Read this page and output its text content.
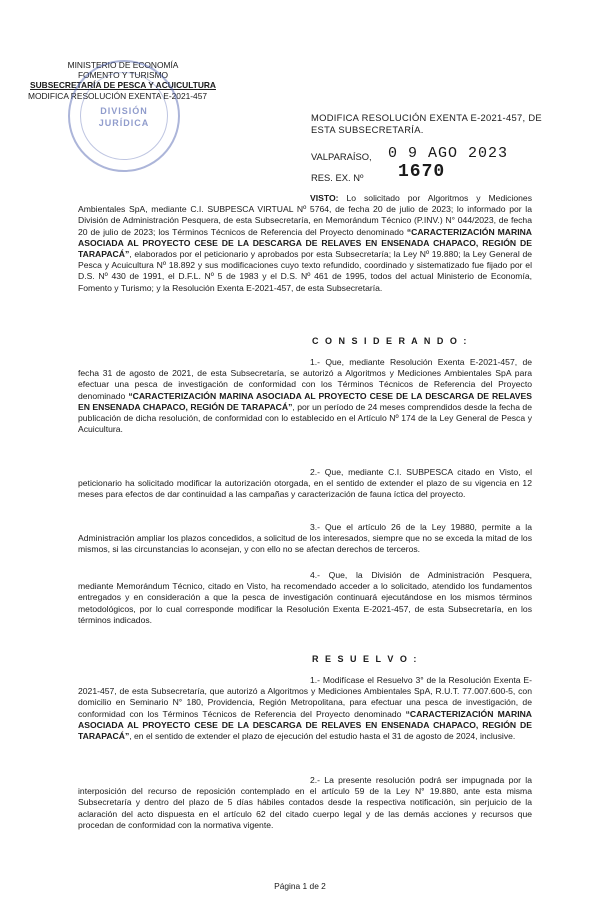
MINISTERIO DE ECONOMÍA
FOMENTO Y TURISMO
SUBSECRETARÍA DE PESCA Y ACUICULTURA
MODIFICA RESOLUCIÓN EXENTA E-2021-457
DIVISIÓN
JURÍDICA	MODIFICA RESOLUCIÓN EXENTA E-2021-457, DE
ESTA SUBSECRETARÍA.
VALPARAÍSO, 0 9 AGO 2023
RES. EX. Nº 1670
VISTO: Lo solicitado por Algoritmos y Mediciones Ambientales SpA, mediante C.I. SUBPESCA VIRTUAL Nº 5764, de fecha 20 de julio de 2023; lo informado por la División de Administración Pesquera, de esta Subsecretaría, en Memorándum Técnico (P.INV.) N° 044/2023, de fecha 20 de julio de 2023; los Términos Técnicos de Referencia del Proyecto denominado “CARACTERIZACIÓN MARINA ASOCIADA AL PROYECTO CESE DE LA DESCARGA DE RELAVES EN ENSENADA CHAPACO, REGIÓN DE TARAPACÁ”, elaborados por el peticionario y aprobados por esta Subsecretaría; la Ley Nº 19.880; la Ley General de Pesca y Acuicultura Nº 18.892 y sus modificaciones cuyo texto refundido, coordinado y sistematizado fue fijado por el D.S. Nº 430 de 1991, el D.F.L. Nº 5 de 1983 y el D.S. Nº 461 de 1995, todos del actual Ministerio de Economía, Fomento y Turismo; y la Resolución Exenta E-2021-457, de esta Subsecretaría.
C O N S I D E R A N D O :
1.- Que, mediante Resolución Exenta E-2021-457, de fecha 31 de agosto de 2021, de esta Subsecretaría, se autorizó a Algoritmos y Mediciones Ambientales SpA para efectuar una pesca de investigación de conformidad con los Términos Técnicos de Referencia del Proyecto denominado “CARACTERIZACIÓN MARINA ASOCIADA AL PROYECTO CESE DE LA DESCARGA DE RELAVES EN ENSENADA CHAPACO, REGIÓN DE TARAPACÁ”, por un período de 24 meses comprendidos desde la fecha de publicación de dicha resolución, de conformidad con lo establecido en el Artículo Nº 174 de la Ley General de Pesca y Acuicultura.
2.- Que, mediante C.I. SUBPESCA citado en Visto, el peticionario ha solicitado modificar la autorización otorgada, en el sentido de extender el plazo de su vigencia en 12 meses para efectos de dar continuidad a las campañas y caracterización de fauna íctica del proyecto.
3.- Que el artículo 26 de la Ley 19880, permite a la Administración ampliar los plazos concedidos, a solicitud de los interesados, siempre que no se exceda la mitad de los mismos, si las circunstancias lo aconsejan, y con ello no se afectan derechos de terceros.
4.- Que, la División de Administración Pesquera, mediante Memorándum Técnico, citado en Visto, ha recomendado acceder a lo solicitado, atendido los fundamentos entregados y en consideración a que la pesca de investigación continuará ejecutándose en los mismos términos metodológicos, por lo cual corresponde modificar la Resolución Exenta E-2021-457, de esta Subsecretaría, en los términos indicados.
R E S U E L V O :
1.- Modifícase el Resuelvo 3° de la Resolución Exenta E-2021-457, de esta Subsecretaría, que autorizó a Algoritmos y Mediciones Ambientales SpA, R.U.T. 77.007.600-5, con domicilio en Seminario N° 180, Providencia, Región Metropolitana, para efectuar una pesca de investigación, de conformidad con los Términos Técnicos de Referencia del Proyecto denominado “CARACTERIZACIÓN MARINA ASOCIADA AL PROYECTO CESE DE LA DESCARGA DE RELAVES EN ENSENADA CHAPACO, REGIÓN DE TARAPACÁ”, en el sentido de extender el plazo de ejecución del estudio hasta el 31 de agosto de 2024, inclusive.
2.- La presente resolución podrá ser impugnada por la interposición del recurso de reposición contemplado en el artículo 59 de la Ley N° 19.880, ante esta misma Subsecretaría y dentro del plazo de 5 días hábiles contados desde la respectiva notificación, sin perjuicio de la aclaración del acto dispuesta en el artículo 62 del citado cuerpo legal y de las demás acciones y recursos que procedan de conformidad con la normativa vigente.
Página 1 de 2
